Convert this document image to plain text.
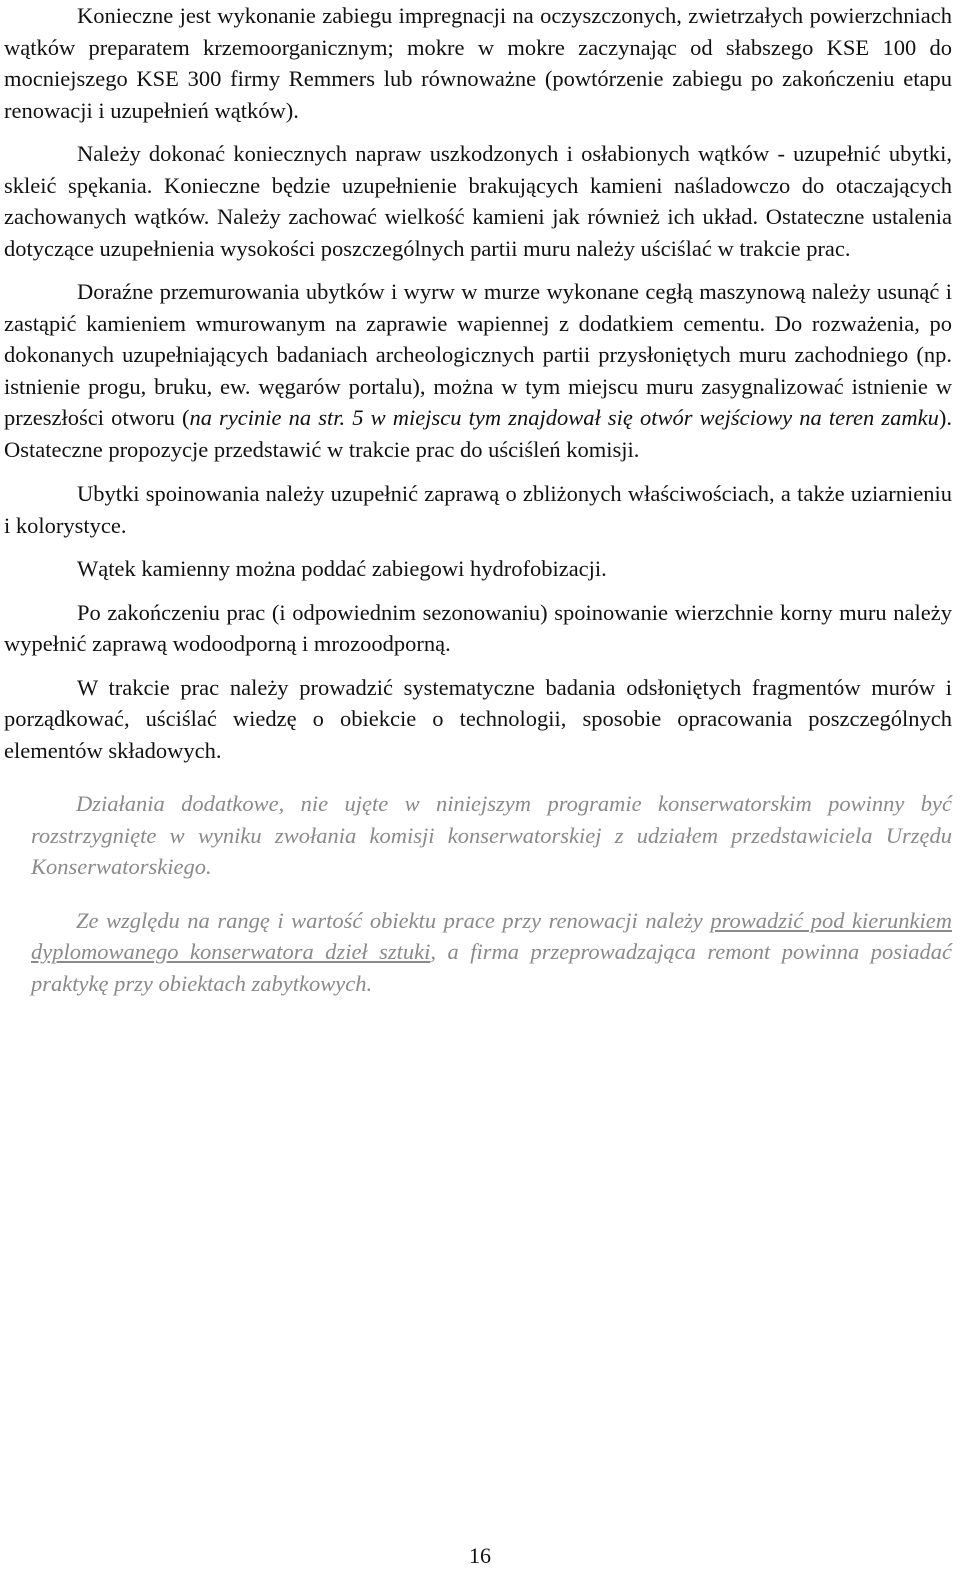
Konieczne jest wykonanie zabiegu impregnacji na oczyszczonych, zwietrzałych powierzchniach wątków preparatem krzemoorganicznym; mokre w mokre zaczynając od słabszego KSE 100 do mocniejszego KSE 300 firmy Remmers lub równoważne (powtórzenie zabiegu po zakończeniu etapu renowacji i uzupełnień wątków).

Należy dokonać koniecznych napraw uszkodzonych i osłabionych wątków - uzupełnić ubytki, skleić spękania. Konieczne będzie uzupełnienie brakujących kamieni naśladowczo do otaczających zachowanych wątków. Należy zachować wielkość kamieni jak również ich układ. Ostateczne ustalenia dotyczące uzupełnienia wysokości poszczególnych partii muru należy uściślać w trakcie prac.

Doraźne przemurowania ubytków i wyrw w murze wykonane cegłą maszynową należy usunąć i zastąpić kamieniem wmurowanym na zaprawie wapiennej z dodatkiem cementu. Do rozważenia, po dokonanych uzupełniających badaniach archeologicznych partii przysłoniętych muru zachodniego (np. istnienie progu, bruku, ew. węgarów portalu), można w tym miejscu muru zasygnalizować istnienie w przeszłości otworu (na rycinie na str. 5 w miejscu tym znajdował się otwór wejściowy na teren zamku). Ostateczne propozycje przedstawić w trakcie prac do uściśleń komisji.

Ubytki spoinowania należy uzupełnić zaprawą o zbliżonych właściwościach, a także uziarnieniu i kolorystyce.

Wątek kamienny można poddać zabiegowi hydrofobizacji.

Po zakończeniu prac (i odpowiednim sezonowaniu) spoinowanie wierzchnie korny muru należy wypełnić zaprawą wodoodporną i mrozoodporną.

W trakcie prac należy prowadzić systematyczne badania odsłoniętych fragmentów murów i porządkować, uściślać wiedzę o obiekcie o technologii, sposobie opracowania poszczególnych elementów składowych.

Działania dodatkowe, nie ujęte w niniejszym programie konserwatorskim powinny być rozstrzygnięte w wyniku zwołania komisji konserwatorskiej z udziałem przedstawiciela Urzędu Konserwatorskiego.

Ze względu na rangę i wartość obiektu prace przy renowacji należy prowadzić pod kierunkiem dyplomowanego konserwatora dzieł sztuki, a firma przeprowadzająca remont powinna posiadać praktykę przy obiektach zabytkowych.

16
